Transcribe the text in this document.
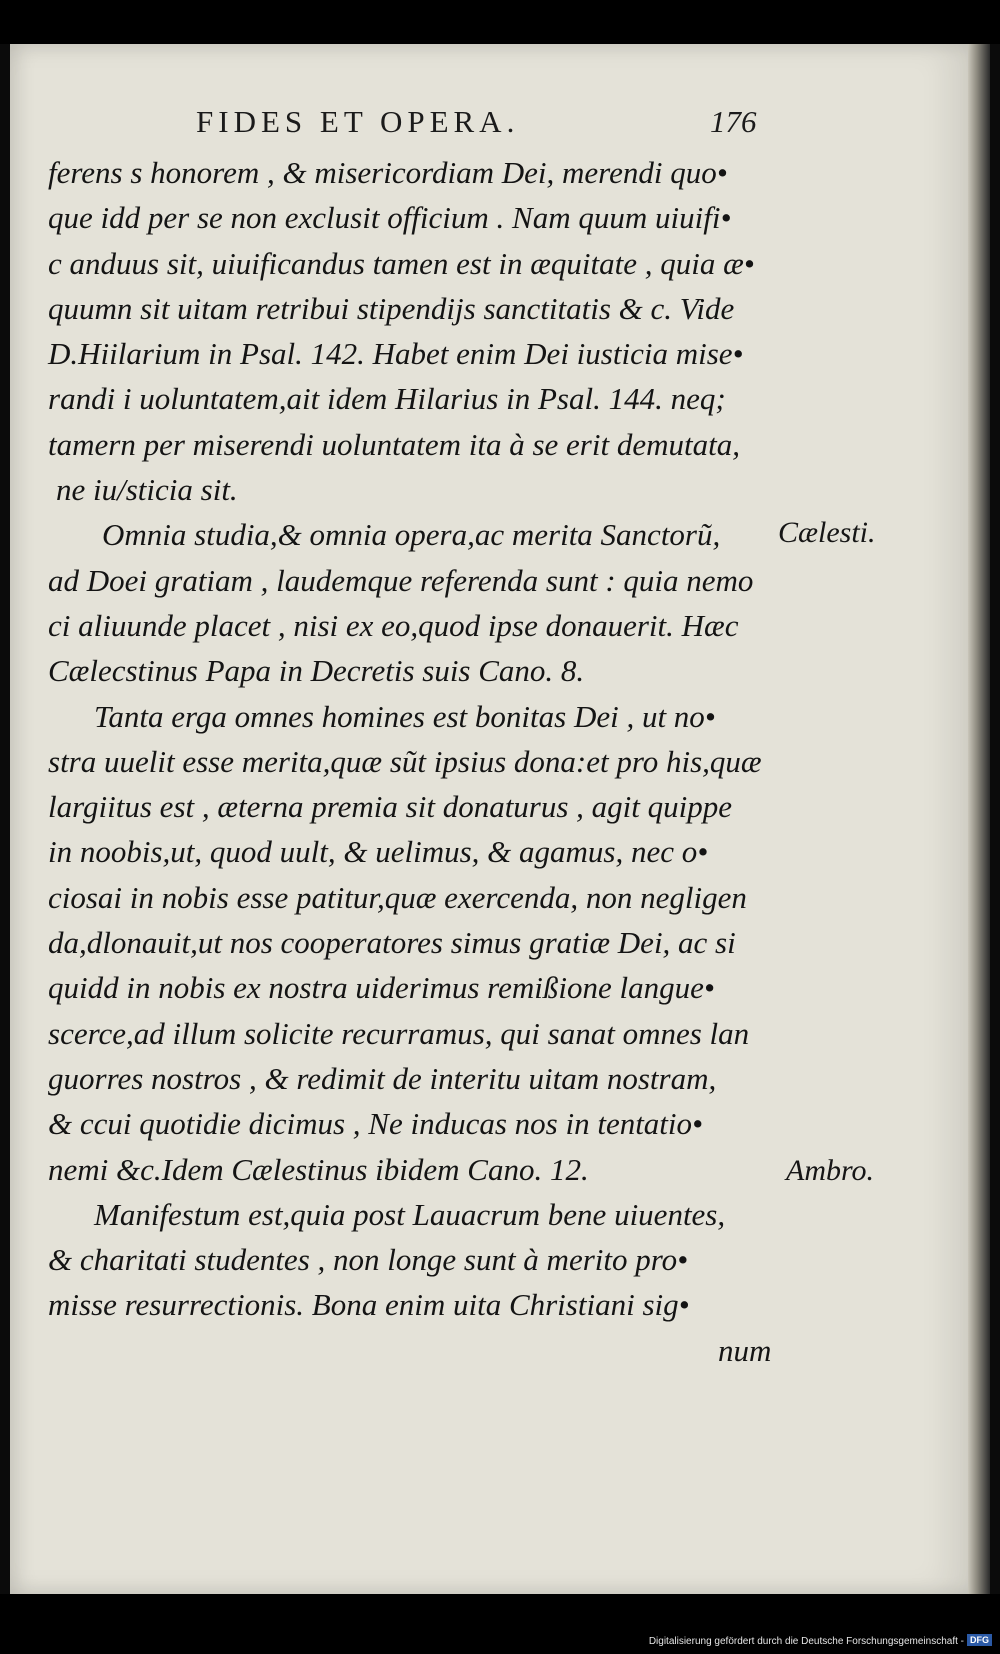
FIDES ET OPERA.	176
ferens s honorem , & misericordiam Dei, merendi quo•
que idd per se non exclusit officium . Nam quum uiuifi•
c anduus sit, uiuificandus tamen est in æquitate , quia æ•
quumn sit uitam retribui stipendijs sanctitatis & c. Vide
D.Hiilarium in Psal. 142. Habet enim Dei iusticia mise•
randi i uoluntatem,ait idem Hilarius in Psal. 144. neq;
tamern per miserendi uoluntatem ita à se erit demutata,
ne iu/sticia sit.
Omnia studia,& omnia opera,ac merita Sanctorũ,
ad Doei gratiam , laudemque referenda sunt : quia nemo
ci aliuunde placet , nisi ex eo,quod ipse donauerit. Hæc
Cælecstinus Papa in Decretis suis Cano. 8.
Tanta erga omnes homines est bonitas Dei , ut no•
stra uuelit esse merita,quæ sũt ipsius dona:et pro his,quæ
largiitus est , æterna premia sit donaturus , agit quippe
in noobis,ut, quod uult, & uelimus, & agamus, nec o•
ciosai in nobis esse patitur,quæ exercenda, non negligen
da,dlonauit,ut nos cooperatores simus gratiæ Dei, ac si
quidd in nobis ex nostra uiderimus remißione langue•
scerce,ad illum solicite recurramus, qui sanat omnes lan
guorres nostros , & redimit de interitu uitam nostram,
& ccui quotidie dicimus , Ne inducas nos in tentatio•
nemi &c.Idem Cælestinus ibidem Cano. 12.
Manifestum est,quia post Lauacrum bene uiuentes,
& charitati studentes , non longe sunt à merito pro•
misse resurrectionis. Bona enim uita Christiani sig•
num
Cælesti.
Ambro.
Digitalisierung gefördert durch die Deutsche Forschungsgemeinschaft - DFG
